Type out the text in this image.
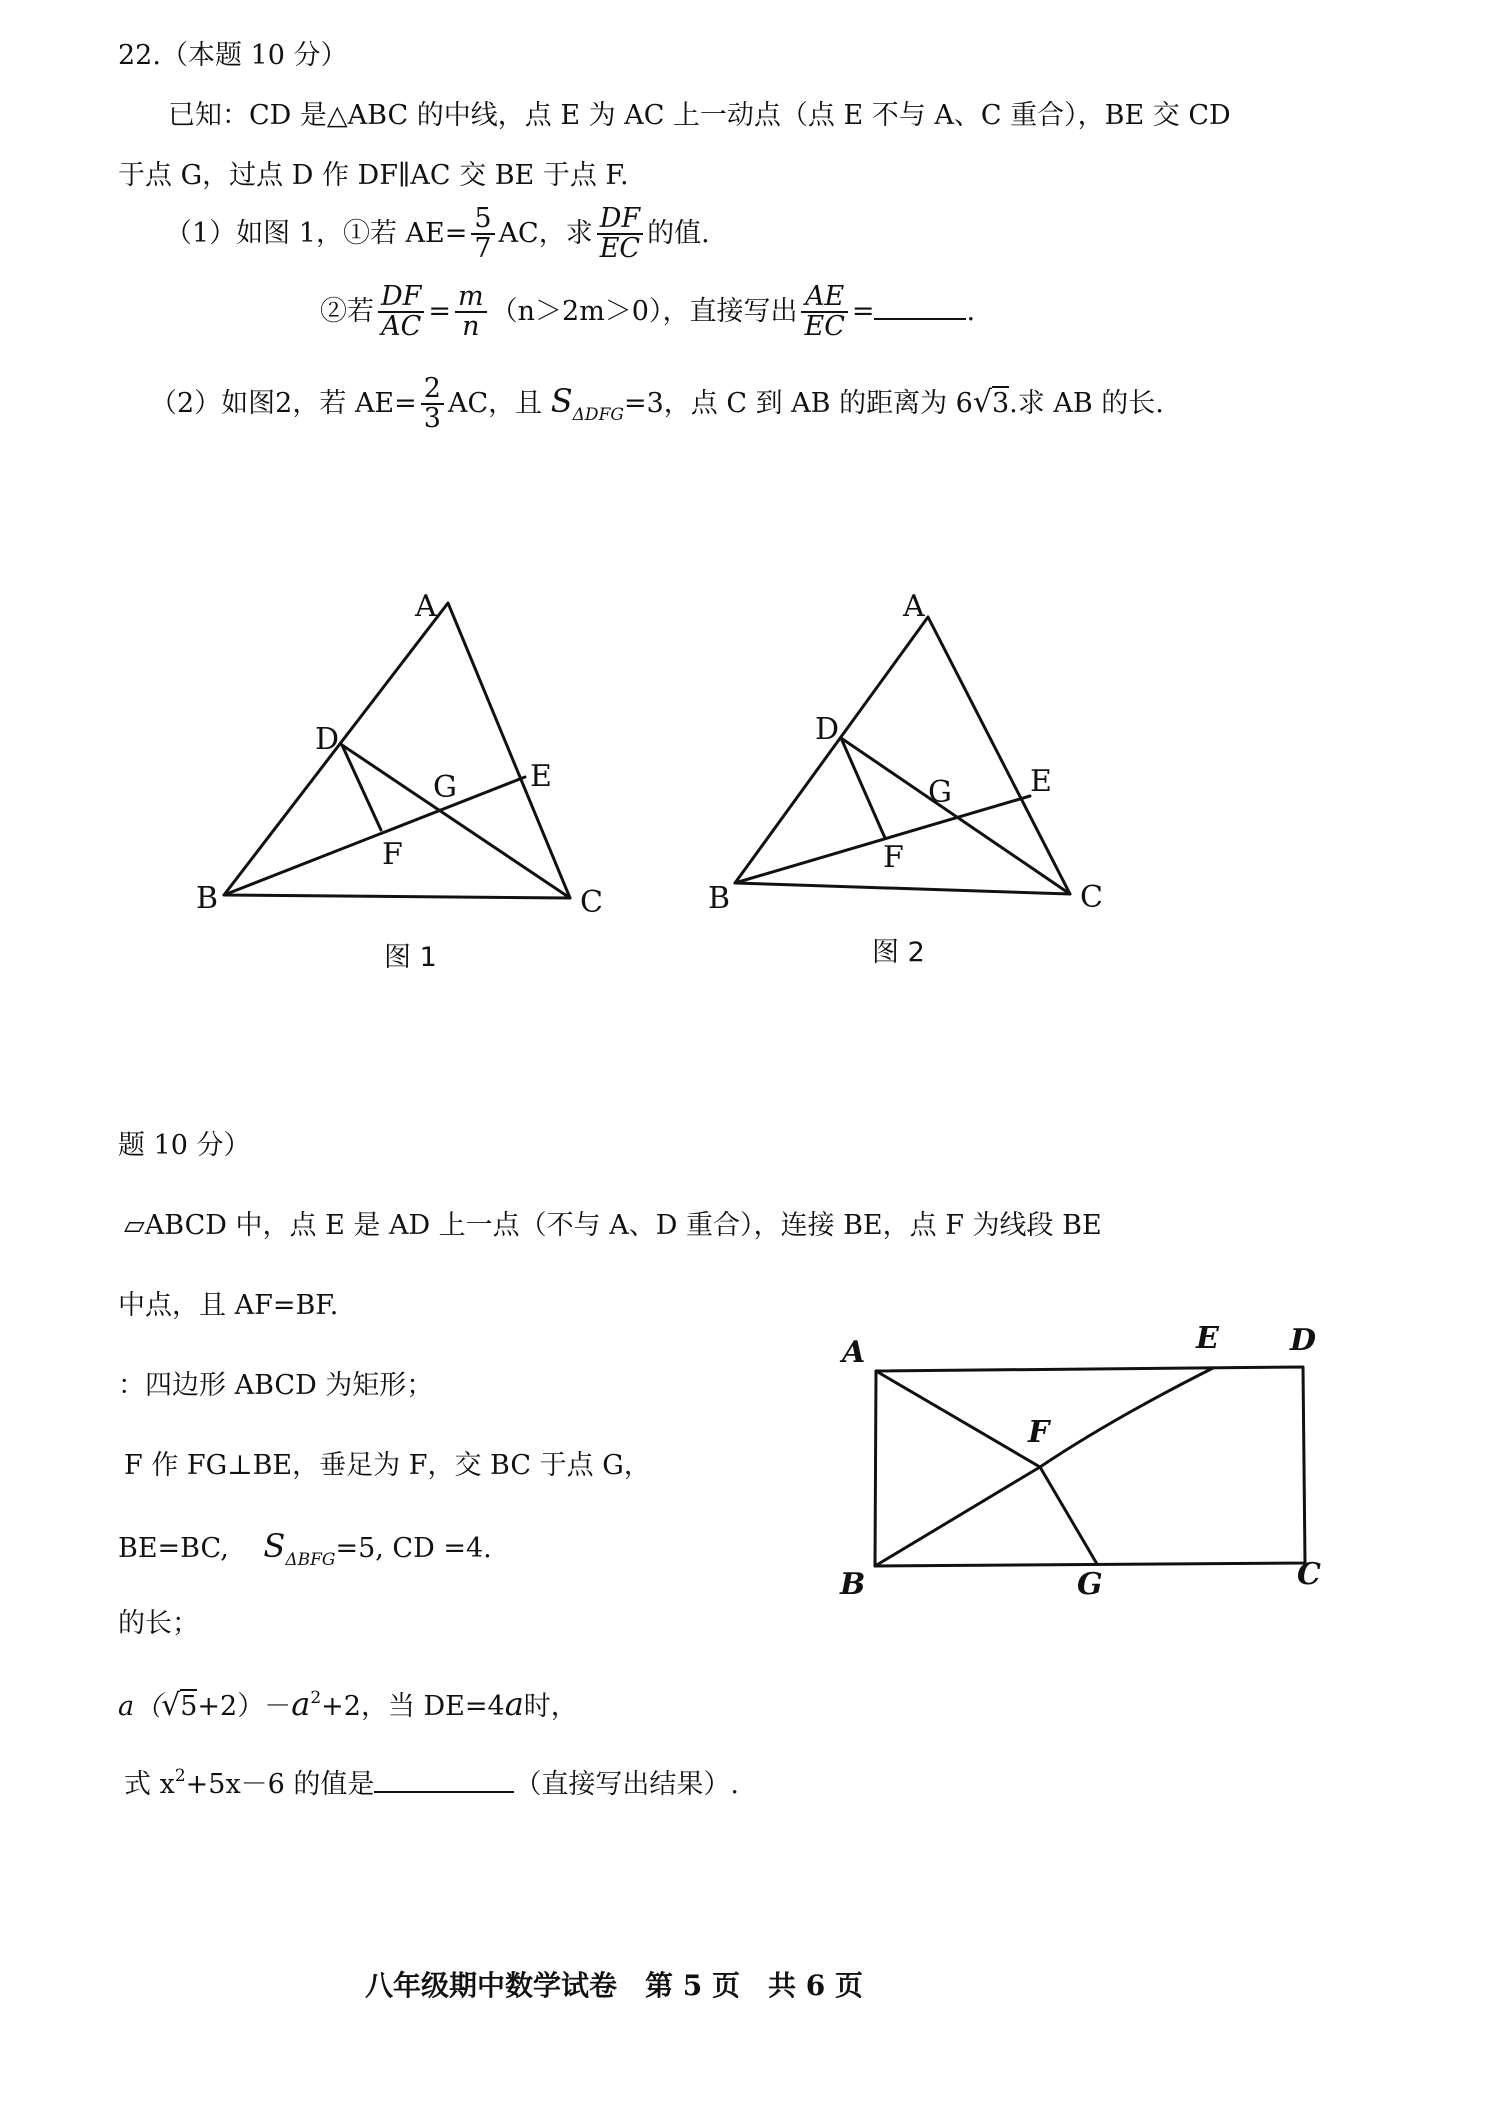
22.（本题 10 分）
已知：CD 是△ABC 的中线，点 E 为 AC 上一动点（点 E 不与 A、C 重合），BE 交 CD
于点 G，过点 D 作 DF∥AC 交 BE 于点 F.
（1）如图 1，①若 $AE= \frac{5}{7}$ AC，求 $\frac{DF}{EC}$ 的值.
②若 $\frac{DF}{AC} = \frac{m}{n} (n>2m>0)$，直接写出 $\frac{AE}{EC}$ =	.
（2）如图2，若 $AE= \frac{2}{3}$ AC，且 $S_{\Delta DFG}=3$，点 C 到 AB 的距离为 6√3.求 AB 的长.
A
D
G E
F
B	C
图 1
A
D
G	E
F
B	C
图 2
题 10 分）
▱ABCD 中，点 E 是 AD 上一点（不与 A、D 重合），连接 BE，点 F 为线段 BE
中点，且 AF=BF.
：四边形 ABCD 为矩形；
F 作 FG⊥BE，垂足为 F，交 BC 于点 G，
BE=BC, $S_{\Delta BFG}=5$, CD =4.
的长；
$a(√5+2)-a^2+2$，当 DE=4a时，
式 $x^2+5x-6$ 的值是	（直接写出结果）.
A	E D
F
B	G	C
八年级期中数学试卷　第 5 页　共 6 页
